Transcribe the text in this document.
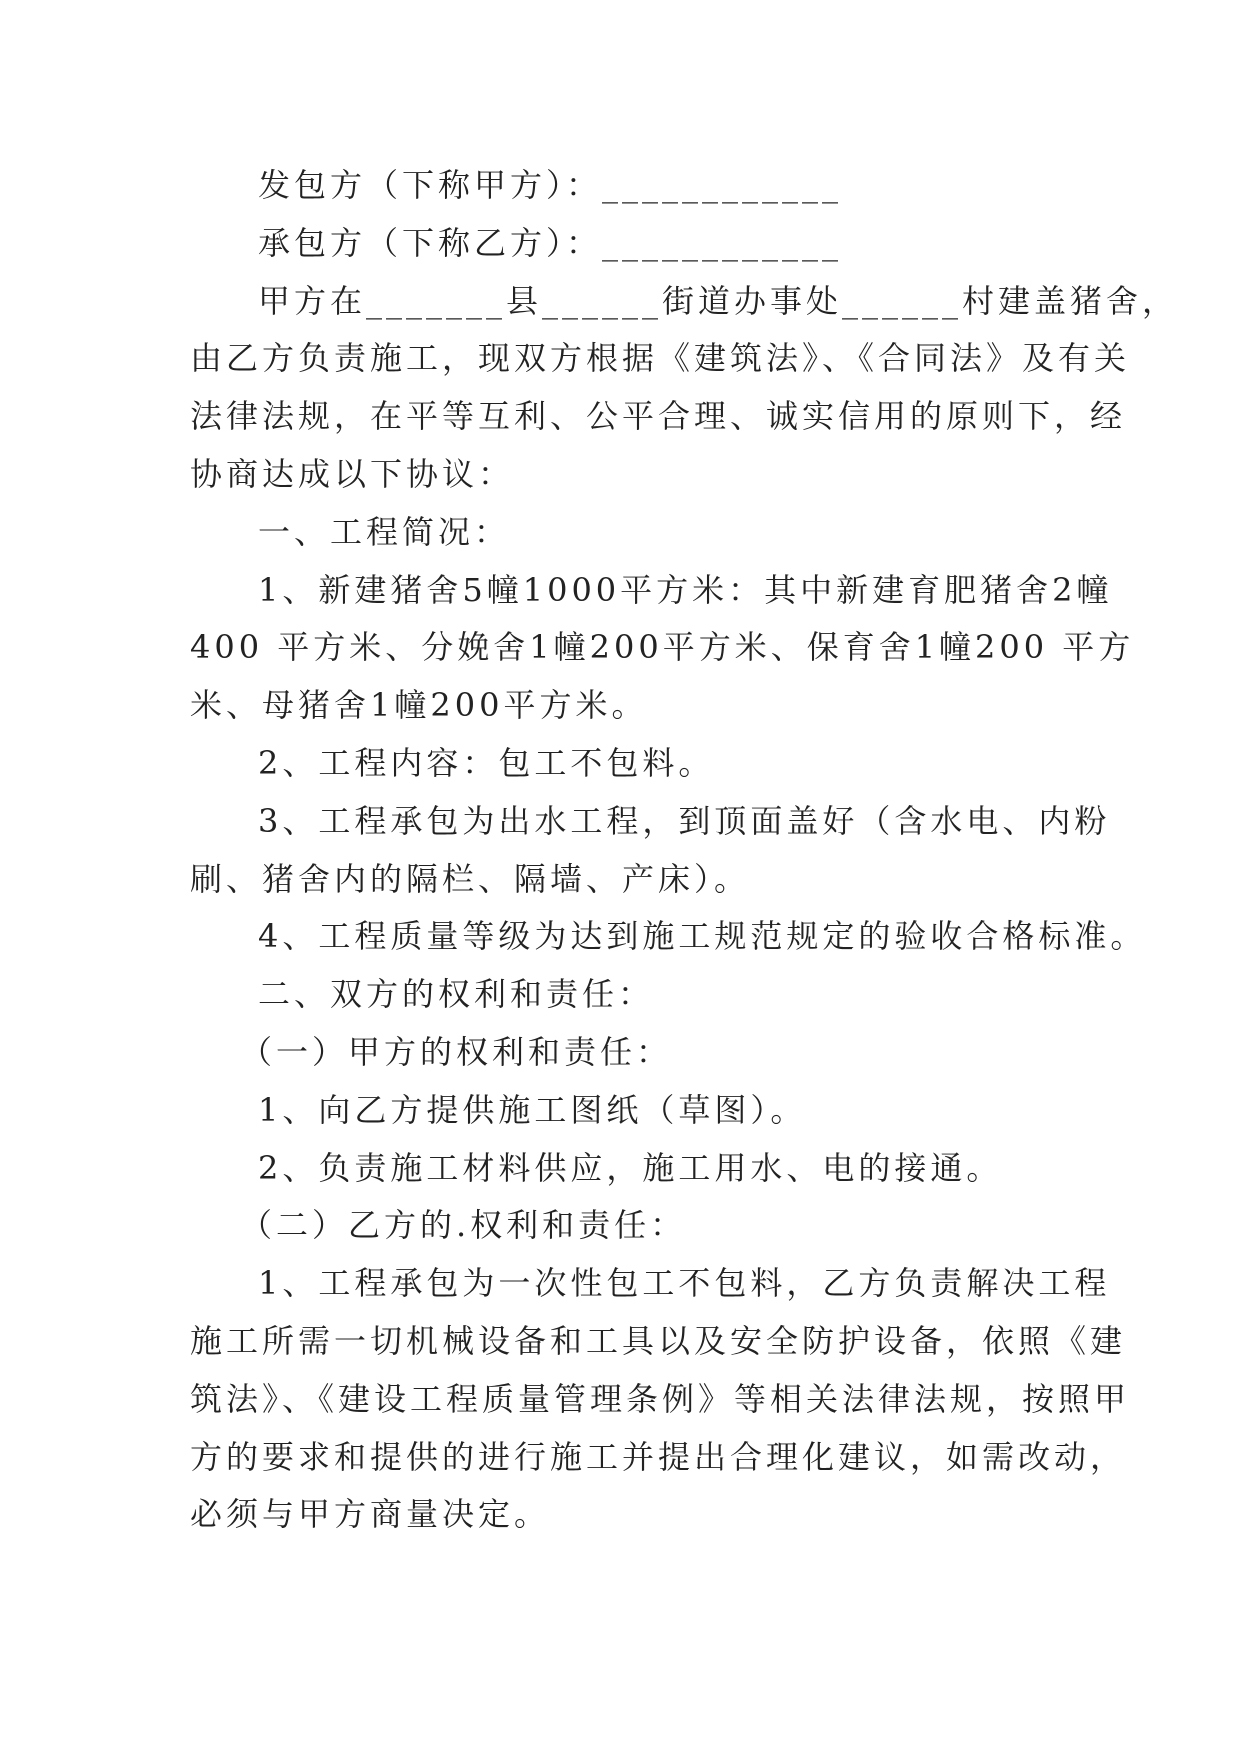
发包方（下称甲方）：____________
承包方（下称乙方）：____________
甲方在_______县______街道办事处______村建盖猪舍，
由乙方负责施工，现双方根据《建筑法》、《合同法》及有关
法律法规，在平等互利、公平合理、诚实信用的原则下，经
协商达成以下协议：
一、工程简况：
1、新建猪舍5幢1000平方米：其中新建育肥猪舍2幢
400 平方米、分娩舍1幢200平方米、保育舍1幢200 平方
米、母猪舍1幢200平方米。
2、工程内容：包工不包料。
3、工程承包为出水工程，到顶面盖好（含水电、内粉
刷、猪舍内的隔栏、隔墙、产床）。
4、工程质量等级为达到施工规范规定的验收合格标准。
二、双方的权利和责任：
（一）甲方的权利和责任：
1、向乙方提供施工图纸（草图）。
2、负责施工材料供应，施工用水、电的接通。
（二）乙方的.权利和责任：
1、工程承包为一次性包工不包料，乙方负责解决工程
施工所需一切机械设备和工具以及安全防护设备，依照《建
筑法》、《建设工程质量管理条例》等相关法律法规，按照甲
方的要求和提供的进行施工并提出合理化建议，如需改动，
必须与甲方商量决定。
